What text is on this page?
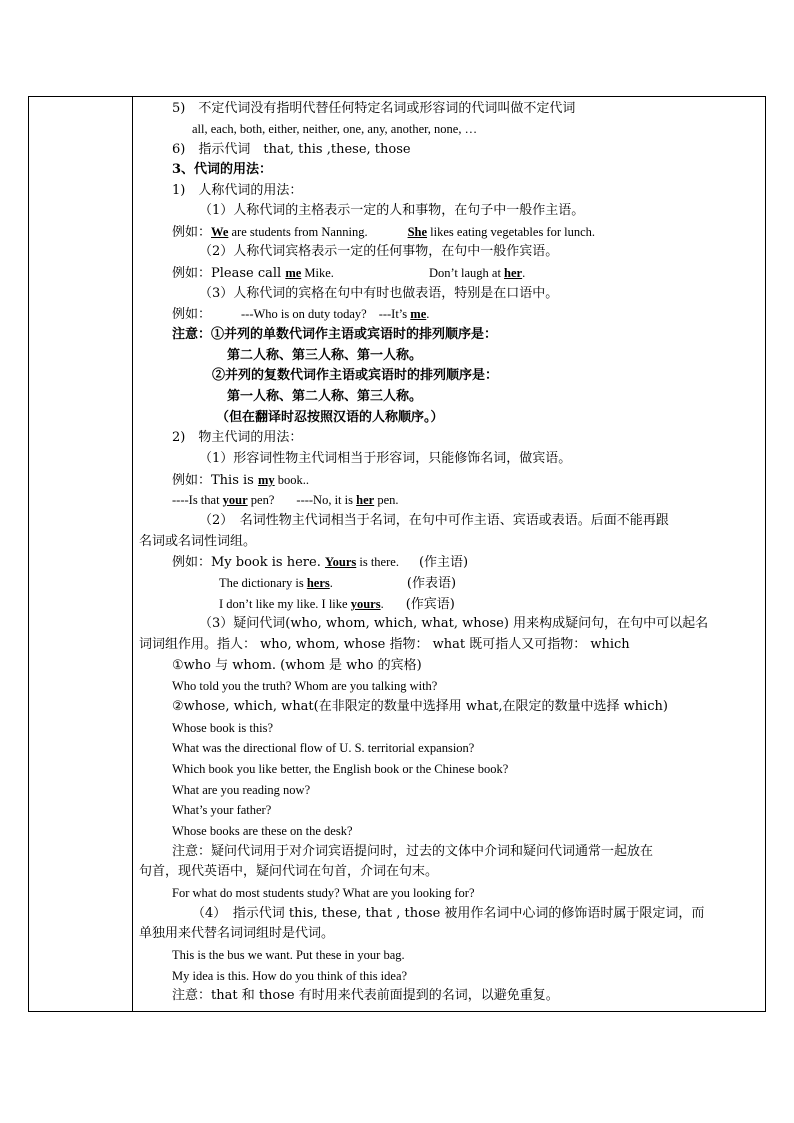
5)　不定代词没有指明代替任何特定名词或形容词的代词叫做不定代词
all, each, both, either, neither, one, any, another, none, …
6)　指示代词　that, this ,these, those
3、代词的用法：
1)　人称代词的用法：
（1）人称代词的主格表示一定的人和事物，在句子中一般作主语。
例如：We are students from Nanning.	She likes eating vegetables for lunch.
（2）人称代词宾格表示一定的任何事物，在句中一般作宾语。
例如：Please call me Mike.	Don’t laugh at her.
（3）人称代词的宾格在句中有时也做表语，特别是在口语中。
例如： ---Who is on duty today? ---It’s me.
注意：①并列的单数代词作主语或宾语时的排列顺序是：
第二人称、第三人称、第一人称。
②并列的复数代词作主语或宾语时的排列顺序是：
第一人称、第二人称、第三人称。
（但在翻译时忍按照汉语的人称顺序。）
2)　物主代词的用法：
（1）形容词性物主代词相当于形容词，只能修饰名词，做宾语。
例如：This is my book..
----Is that your pen? ----No, it is her pen.
（2）　名词性物主代词相当于名词，在句中可作主语、宾语或表语。后面不能再跟
名词或名词性词组。
例如：My book is here. Yours is there. (作主语)
The dictionary is hers.	(作表语)
I don’t like my like. I like yours. (作宾语)
（3）疑问代词(who, whom, which, what, whose) 用来构成疑问句，在句中可以起名
词词组作用。指人： who, whom, whose 指物： what 既可指人又可指物： which
①who 与 whom. (whom 是 who 的宾格)
Who told you the truth? Whom are you talking with?
②whose, which, what(在非限定的数量中选择用 what,在限定的数量中选择 which)
Whose book is this?
What was the directional flow of U. S. territorial expansion?
Which book you like better, the English book or the Chinese book?
What are you reading now?
What’s your father?
Whose books are these on the desk?
注意：疑问代词用于对介词宾语提问时，过去的文体中介词和疑问代词通常一起放在
句首，现代英语中，疑问代词在句首，介词在句末。
For what do most students study? What are you looking for?
（4）　指示代词 this, these, that , those 被用作名词中心词的修饰语时属于限定词，而
单独用来代替名词词组时是代词。
This is the bus we want. Put these in your bag.
My idea is this. How do you think of this idea?
注意：that 和 those 有时用来代表前面提到的名词，以避免重复。
